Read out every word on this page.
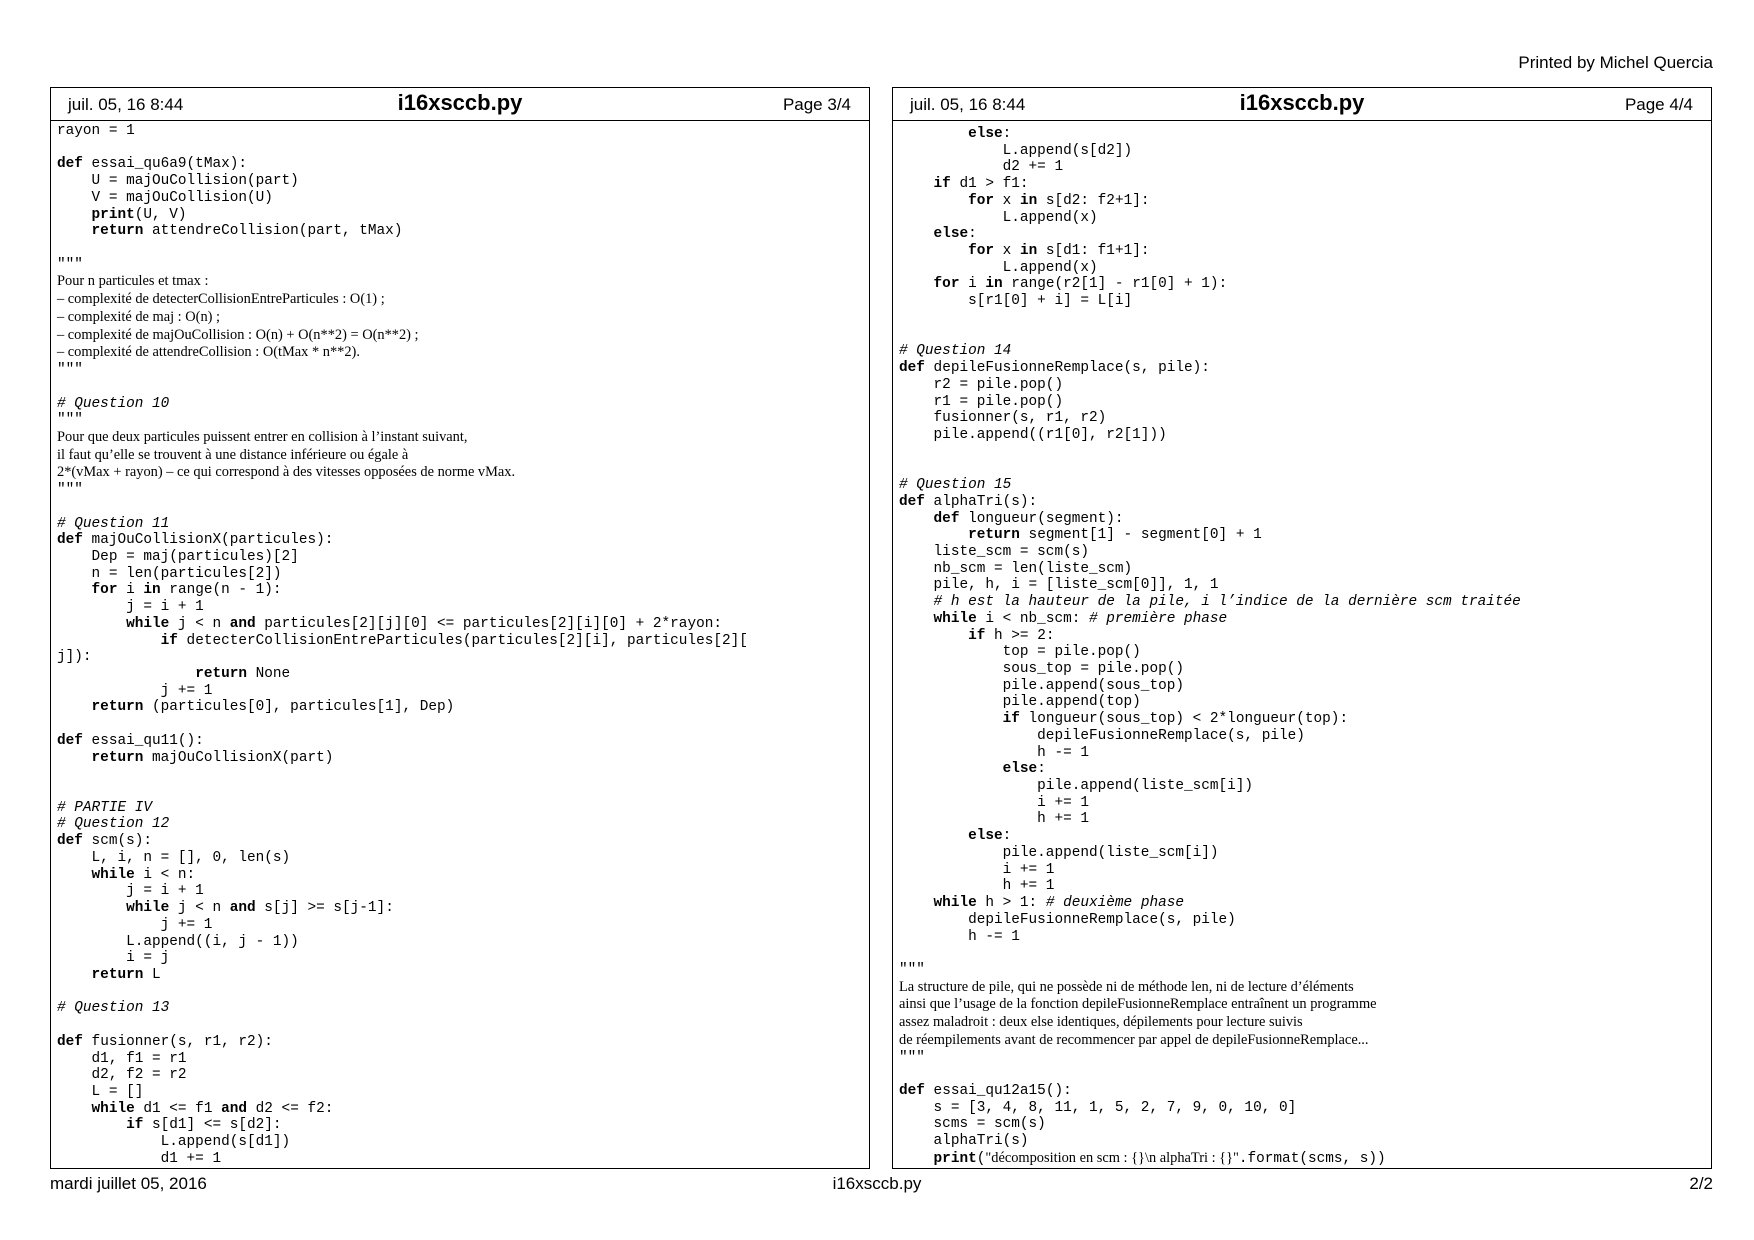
Printed by Michel Quercia
juil. 05, 16 8:44	i16xsccb.py	Page 3/4
rayon = 1

def essai_qu6a9(tMax):
U = majOuCollision(part)
V = majOuCollision(U)
print(U, V)
return attendreCollision(part, tMax)

"""
Pour n particules et tmax :
– complexité de detecterCollisionEntreParticules : O(1) ;
– complexité de maj : O(n) ;
– complexité de majOuCollision : O(n) + O(n**2) = O(n**2) ;
– complexité de attendreCollision : O(tMax * n**2).
"""

# Question 10
"""
Pour que deux particules puissent entrer en collision à l’instant suivant,
il faut qu’elle se trouvent à une distance inférieure ou égale à
2*(vMax + rayon) – ce qui correspond à des vitesses opposées de norme vMax.
"""

# Question 11
def majOuCollisionX(particules):
Dep = maj(particules)[2]
n = len(particules[2])
for i in range(n - 1):
j = i + 1
while j < n and particules[2][j][0] <= particules[2][i][0] + 2*rayon:
if detecterCollisionEntreParticules(particules[2][i], particules[2][
j]):
return None
j += 1
return (particules[0], particules[1], Dep)

def essai_qu11():
return majOuCollisionX(part)

# PARTIE IV
# Question 12
def scm(s):
L, i, n = [], 0, len(s)
while i < n:
j = i + 1
while j < n and s[j] >= s[j-1]:
j += 1
L.append((i, j - 1))
i = j
return L

# Question 13

def fusionner(s, r1, r2):
d1, f1 = r1
d2, f2 = r2
L = []
while d1 <= f1 and d2 <= f2:
if s[d1] <= s[d2]:
L.append(s[d1])
d1 += 1

juil. 05, 16 8:44	i16xsccb.py	Page 4/4
else:
L.append(s[d2])
d2 += 1
if d1 > f1:
for x in s[d2: f2+1]:
L.append(x)
else:
for x in s[d1: f1+1]:
L.append(x)
for i in range(r2[1] - r1[0] + 1):
s[r1[0] + i] = L[i]

# Question 14
def depileFusionneRemplace(s, pile):
r2 = pile.pop()
r1 = pile.pop()
fusionner(s, r1, r2)
pile.append((r1[0], r2[1]))

# Question 15
def alphaTri(s):
def longueur(segment):
return segment[1] - segment[0] + 1
liste_scm = scm(s)
nb_scm = len(liste_scm)
pile, h, i = [liste_scm[0]], 1, 1
# h est la hauteur de la pile, i l’indice de la dernière scm traitée
while i < nb_scm: # première phase
if h >= 2:
top = pile.pop()
sous_top = pile.pop()
pile.append(sous_top)
pile.append(top)
if longueur(sous_top) < 2*longueur(top):
depileFusionneRemplace(s, pile)
h -= 1
else:
pile.append(liste_scm[i])
i += 1
h += 1
else:
pile.append(liste_scm[i])
i += 1
h += 1
while h > 1: # deuxième phase
depileFusionneRemplace(s, pile)
h -= 1

"""
La structure de pile, qui ne possède ni de méthode len, ni de lecture d’éléments
ainsi que l’usage de la fonction depileFusionneRemplace entraînent un programme
assez maladroit : deux else identiques, dépilements pour lecture suivis
de réempilements avant de recommencer par appel de depileFusionneRemplace...
"""

def essai_qu12a15():
s = [3, 4, 8, 11, 1, 5, 2, 7, 9, 0, 10, 0]
scms = scm(s)
alphaTri(s)
print("décomposition en scm : {}\n alphaTri : {}".format(scms, s))

mardi juillet 05, 2016	i16xsccb.py	2/2
